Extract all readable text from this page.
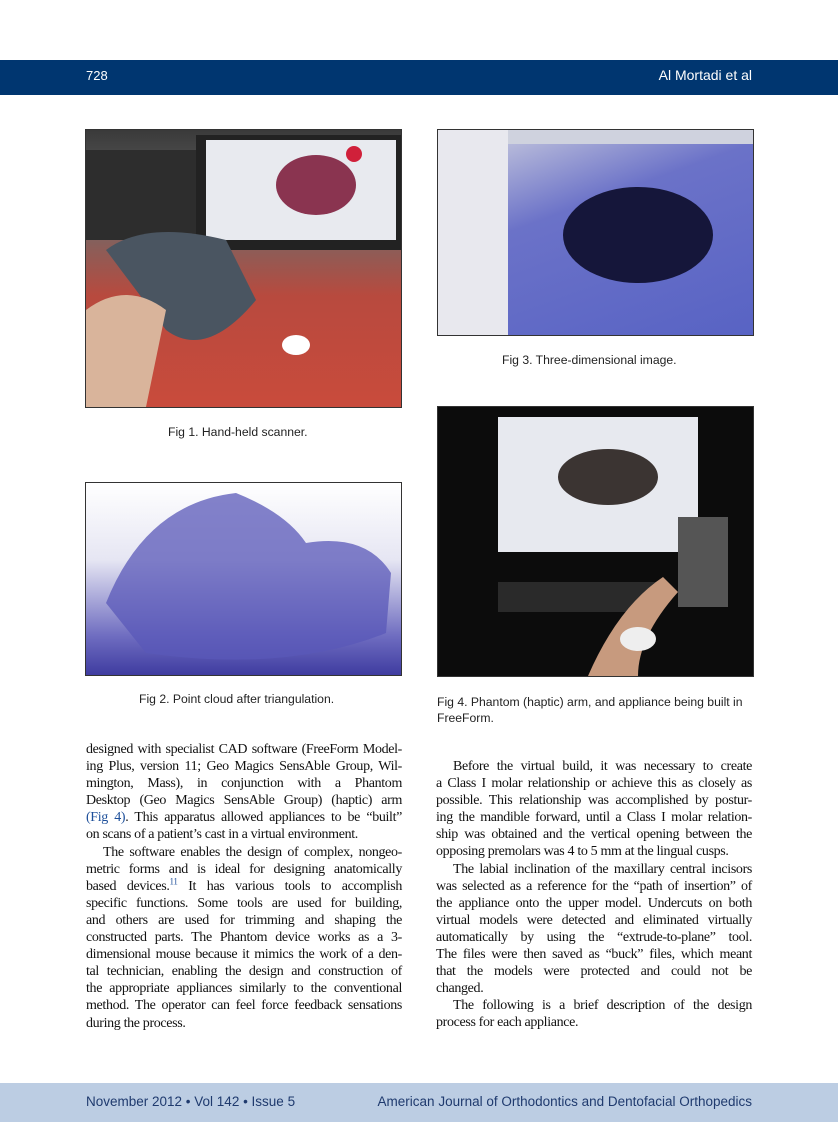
728	Al Mortadi et al
Fig 1. Hand-held scanner.
Fig 2. Point cloud after triangulation.
Fig 3. Three-dimensional image.
Fig 4. Phantom (haptic) arm, and appliance being built in
FreeForm.
designed with specialist CAD software (FreeForm Model-
ing Plus, version 11; Geo Magics SensAble Group, Wil-
mington, Mass), in conjunction with a Phantom
Desktop (Geo Magics SensAble Group) (haptic) arm
(Fig 4). This apparatus allowed appliances to be “built”
on scans of a patient’s cast in a virtual environment.
The software enables the design of complex, nongeo-
metric forms and is ideal for designing anatomically
based devices.$^{11}$ It has various tools to accomplish
specific functions. Some tools are used for building,
and others are used for trimming and shaping the
constructed parts. The Phantom device works as a 3-
dimensional mouse because it mimics the work of a den-
tal technician, enabling the design and construction of
the appropriate appliances similarly to the conventional
method. The operator can feel force feedback sensations
during the process.
Before the virtual build, it was necessary to create
a Class I molar relationship or achieve this as closely as
possible. This relationship was accomplished by postur-
ing the mandible forward, until a Class I molar relation-
ship was obtained and the vertical opening between the
opposing premolars was 4 to 5 mm at the lingual cusps.
The labial inclination of the maxillary central incisors
was selected as a reference for the “path of insertion” of
the appliance onto the upper model. Undercuts on both
virtual models were detected and eliminated virtually
automatically by using the “extrude-to-plane” tool.
The files were then saved as “buck” files, which meant
that the models were protected and could not be
changed.
The following is a brief description of the design
process for each appliance.
November 2012 • Vol 142 • Issue 5	American Journal of Orthodontics and Dentofacial Orthopedics
